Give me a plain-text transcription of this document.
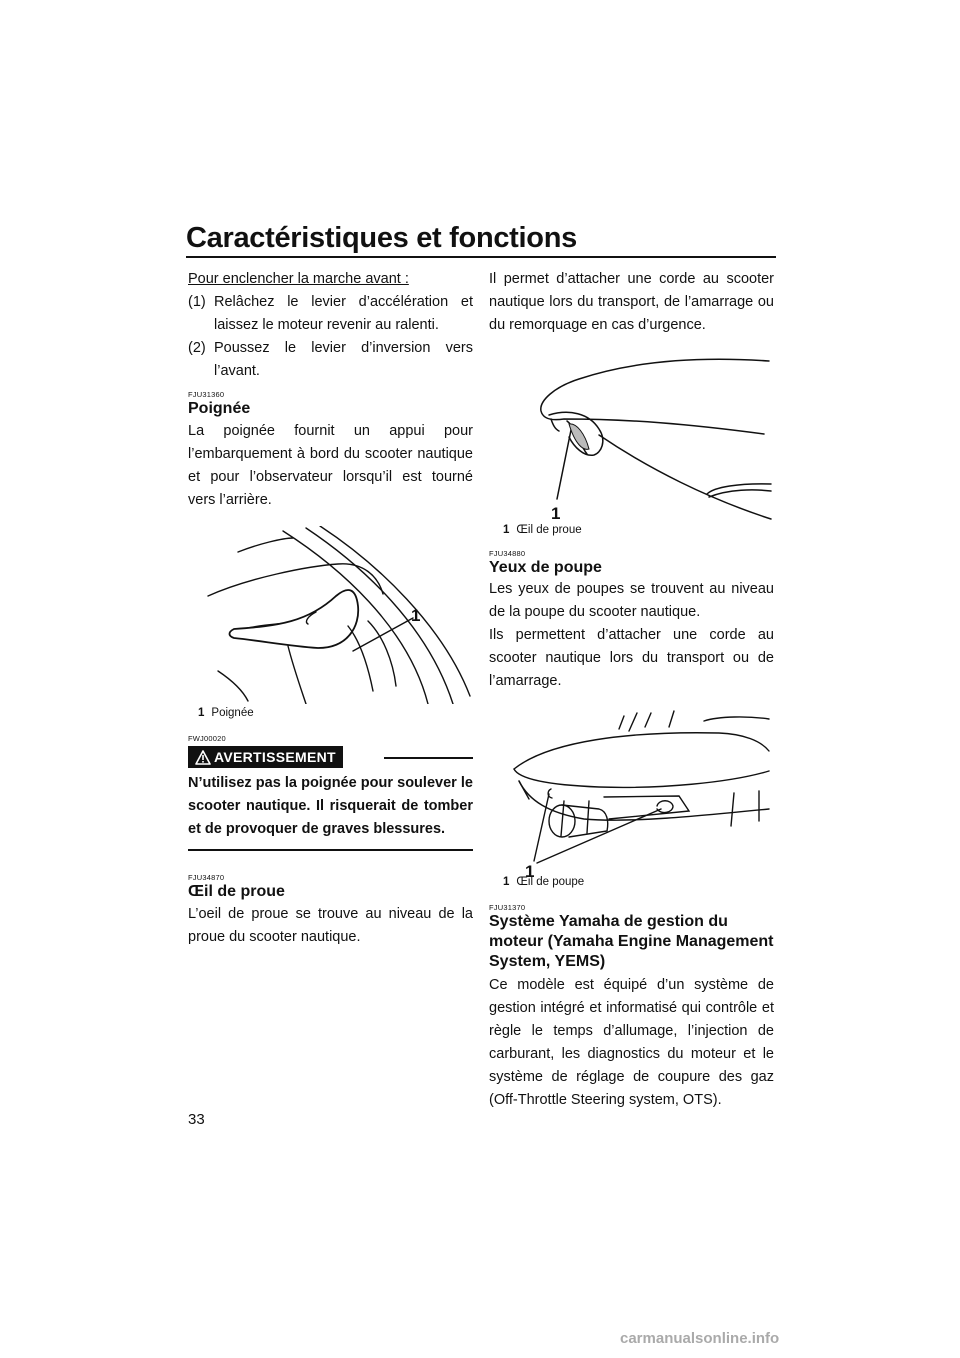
Caractéristiques et fonctions

Pour enclencher la marche avant :

(1) Relâchez le levier d’accélération et laissez le moteur revenir au ralenti.
(2) Poussez le levier d’inversion vers l’avant.
FJU31360
Poignée

La poignée fournit un appui pour l’embarquement à bord du scooter nautique et pour l’observateur lorsqu’il est tourné vers l’arrière.

1
1 Poignée
FWJ00020
AVERTISSEMENT
N’utilisez pas la poignée pour soulever le scooter nautique. Il risquerait de tomber et de provoquer de graves blessures.
FJU34870
Œil de proue

L’oeil de proue se trouve au niveau de la proue du scooter nautique.

Il permet d’attacher une corde au scooter nautique lors du transport, de l’amarrage ou du remorquage en cas d’urgence.

1
1 Œil de proue
FJU34880
Yeux de poupe

Les yeux de poupes se trouvent au niveau de la poupe du scooter nautique.

Ils permettent d’attacher une corde au scooter nautique lors du transport ou de l’amarrage.

1
1 Œil de poupe
FJU31370
Système Yamaha de gestion du moteur (Yamaha Engine Management System, YEMS)

Ce modèle est équipé d’un système de gestion intégré et informatisé qui contrôle et règle le temps d’allumage, l’injection de carburant, les diagnostics du moteur et le système de réglage de coupure des gaz (Off-Throttle Steering system, OTS).

33
carmanualsonline.info
